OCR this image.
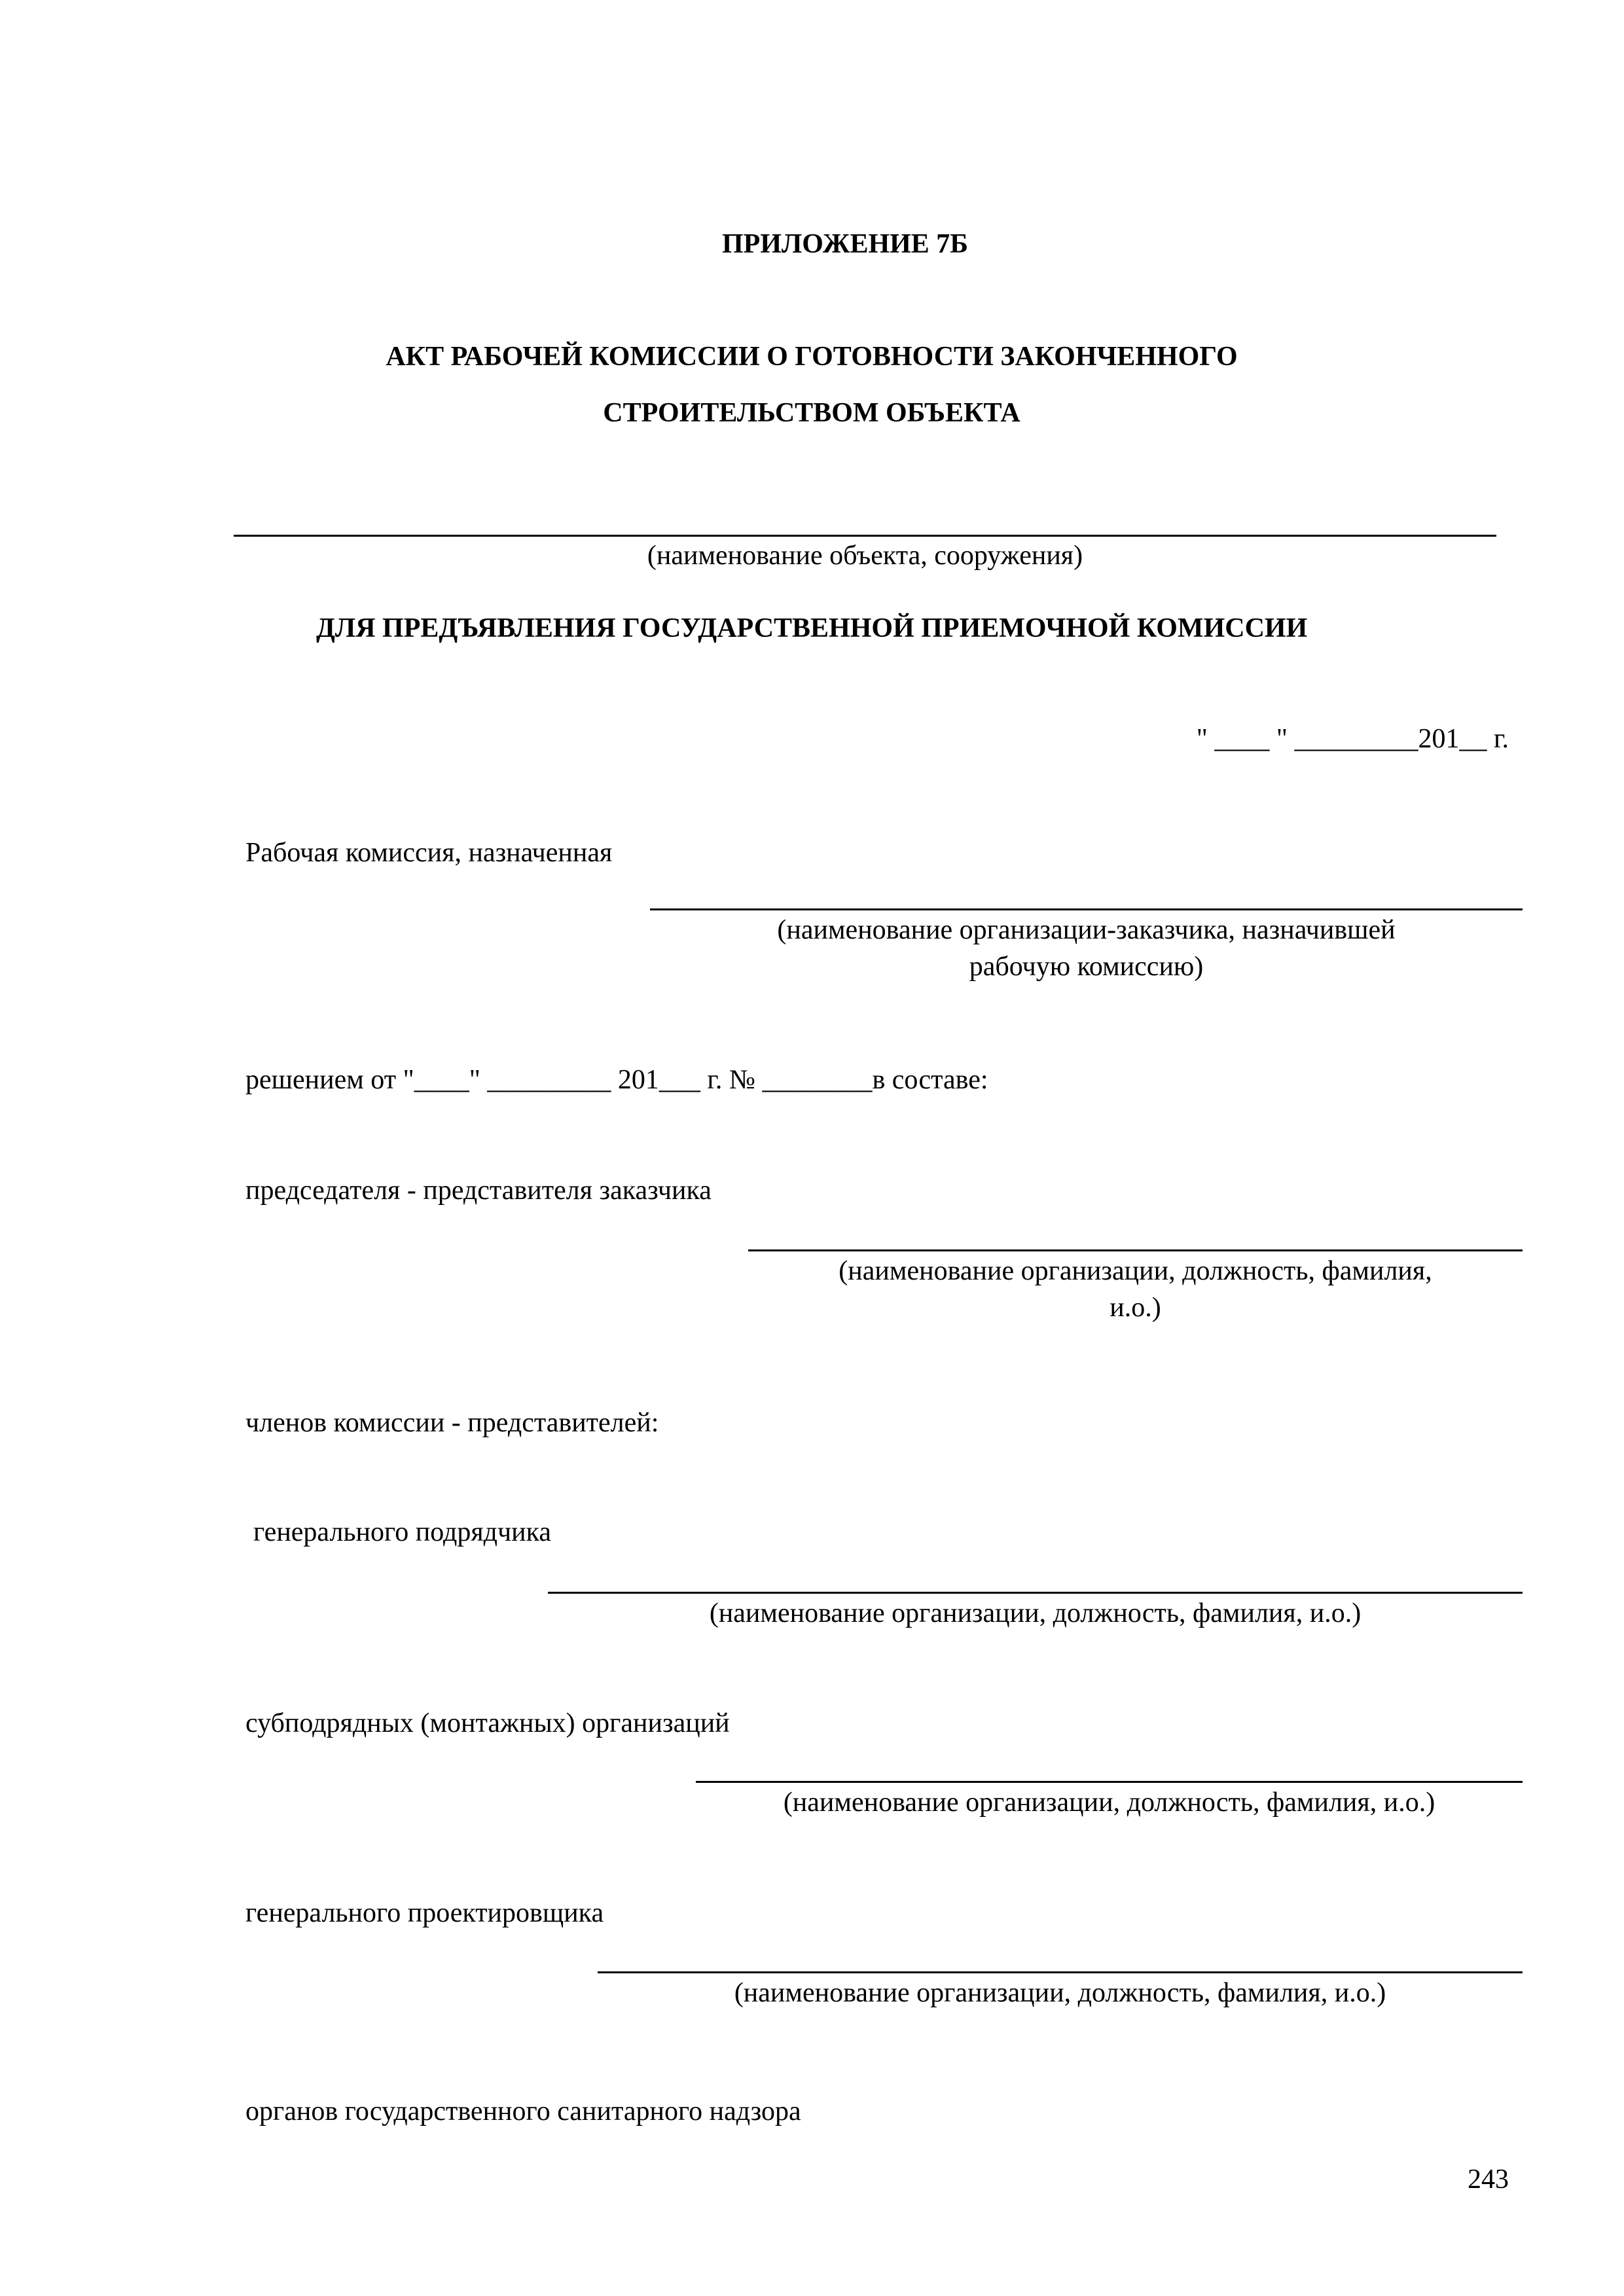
ПРИЛОЖЕНИЕ 7Б
АКТ РАБОЧЕЙ КОМИССИИ О ГОТОВНОСТИ ЗАКОНЧЕННОГО
СТРОИТЕЛЬСТВОМ ОБЪЕКТА
(наименование объекта, сооружения)
ДЛЯ ПРЕДЪЯВЛЕНИЯ ГОСУДАРСТВЕННОЙ ПРИЕМОЧНОЙ КОМИССИИ
" ____ " _________201__ г.
Рабочая комиссия, назначенная
(наименование организации-заказчика, назначившей
рабочую комиссию)
решением от "____" _________ 201___ г. № ________в составе:
председателя - представителя заказчика
(наименование организации, должность, фамилия,
и.о.)
членов комиссии - представителей:
генерального подрядчика
(наименование организации, должность, фамилия, и.о.)
субподрядных (монтажных) организаций
(наименование организации, должность, фамилия, и.о.)
генерального проектировщика
(наименование организации, должность, фамилия, и.о.)
органов государственного санитарного надзора
243
